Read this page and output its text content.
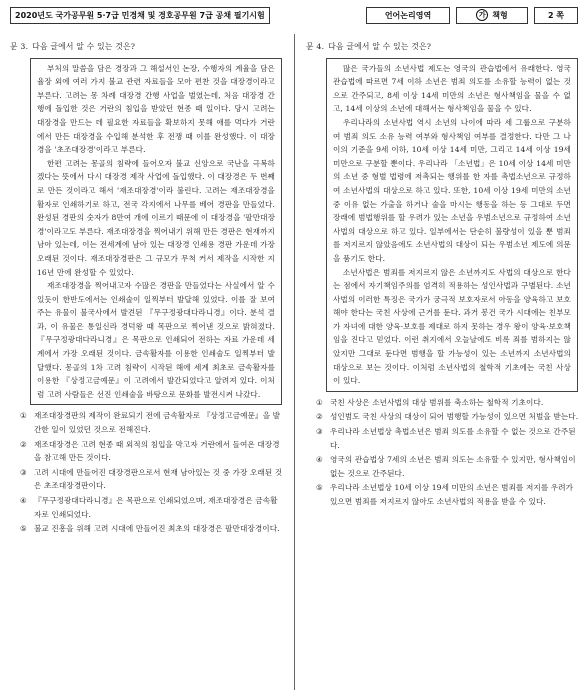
2020년도 국가공무원 5·7급 민경채 및 경호공무원 7급 공채 필기시험	언어논리영역	가 책형	2 쪽
문 3. 다음 글에서 알 수 있는 것은?

부처의 말씀을 담은 경장과 그 해설서인 논장, 수행자의 계율을 담은 율장 외에 여러 가지 불교 관련 자료들을 모아 편찬 것을 대장경이라고 부른다. 고려는 몽 차례 대장경 간행 사업을 벌였는데, 처음 대장경 간행에 돌입한 것은 거란의 침입을 받았던 현종 때 일이다. 당시 고려는 대장경을 만드는 데 필요한 자료들을 확보하지 못해 애를 먹다가 거란에서 만든 대장경을 수입해 분석한 후 전쟁 때 이를 완성했다. 이 대장경을 '초조대장경'이라고 부른다.

한편 고려는 몽골의 침략에 들어오자 불교 신앙으로 국난을 극복하겠다는 뜻에서 다시 대장경 제작 사업에 돌입했다. 이 대장경은 두 번째로 만든 것이라고 해서 '재조대장경'이라 불린다. 고려는 재조대장경을 활자로 인쇄하기로 하고, 전국 각지에서 나무를 베어 경판을 만들었다. 완성된 경판의 숫자가 8만여 개에 이르기 때문에 이 대장경을 '팔만대장경'이라고도 부른다. 재조대장경을 찍어내기 위해 만든 경판은 현재까지 남아 있는데, 이는 전세계에 남아 있는 대장경 인쇄용 경판 가운데 가장 오래된 것이다. 재조대장경판은 그 규모가 무척 커서 제작을 시작한 지 16년 만에 완성할 수 있었다.

재조대장경을 찍어내고자 수많은 경판을 만들었다는 사실에서 알 수 있듯이 한반도에서는 인쇄술이 일찍부터 발달해 있었다. 이를 잘 보여주는 유물이 불국사에서 발견된 『무구정광대다라니경』이다. 분석 결과, 이 유물은 통일신라 경덕왕 때 목판으로 찍어낸 것으로 밝혀졌다. 『무구정광대다라니경』은 목판으로 인쇄되어 전하는 자료 가운데 세계에서 가장 오래된 것이다. 금속활자를 이용한 인쇄술도 일찍부터 발달했다. 몽골의 1차 고려 침략이 시작된 해에 세계 최초로 금속활자를 이용한 『상정고금예문』이 고려에서 발간되었다고 알려져 있다. 이처럼 고려 사람들은 선진 인쇄술을 바탕으로 문화를 발전시켜 나갔다.

① 재조대장경판의 제작이 완료되기 전에 금속활자로 『상정고금예문』을 발간한 일이 있었던 것으로 전해진다.
② 재조대장경은 고려 현종 때 외적의 침입을 막고자 거란에서 들여온 대장경을 참고해 만든 것이다.
③ 고려 시대에 만들어진 대장경판으로서 현재 남아있는 것 중 가장 오래된 것은 초조대장경판이다.
④ 『무구정광대다라니경』은 목판으로 인쇄되었으며, 재조대장경은 금속활자로 인쇄되었다.
⑤ 불교 진흥을 위해 고려 시대에 만들어진 최초의 대장경은 팔만대장경이다.
문 4. 다음 글에서 알 수 있는 것은?

많은 국가들의 소년사법 제도는 영국의 관습법에서 유래한다. 영국 관습법에 따르면 7세 이하 소년은 범죄 의도를 소유할 능력이 없는 것으로 간주되고, 8세 이상 14세 미만의 소년은 형사책임을 물을 수 없고, 14세 이상의 소년에 대해서는 형사책임을 물을 수 있다.

우리나라의 소년사법 역시 소년의 나이에 따라 세 그룹으로 구분하여 범죄 의도 소유 능력 여부와 형사책임 여부를 결정한다. 다만 그 나이의 기준을 9세 이하, 10세 이상 14세 미만, 그리고 14세 이상 19세 미만으로 구분할 뿐이다. 우리나라 「소년법」은 10세 이상 14세 미만의 소년 중 형벌 법령에 저촉되는 행위를 한 자를 촉법소년으로 규정하여 소년사법의 대상으로 하고 있다. 또한, 10세 이상 19세 미만의 소년 중 이유 없는 가출을 하거나 술을 마시는 행동을 하는 등 그대로 두면 장래에 범법행위를 할 우려가 있는 소년을 우범소년으로 규정하여 소년사법의 대상으로 하고 있다. 일부에서는 단순히 불량성이 있을 뿐 범죄를 저지르지 않았음에도 소년사법의 대상이 되는 우범소년 제도에 의문을 품기도 한다.

소년사법은 범죄를 저지르지 않은 소년까지도 사법의 대상으로 한다는 점에서 자기책임주의를 엄격히 적용하는 성인사법과 구별된다. 소년사법의 이러한 특징은 국가가 궁극적 보호자로서 아동을 양육하고 보호해야 한다는 국친 사상에 근거를 둔다. 과거 봉건 국가 시대에는 친부모가 자녀에 대한 양육·보호를 제대로 하지 못하는 경우 왕이 양육·보호책임을 진다고 믿었다. 이런 취지에서 오늘날에도 비록 죄를 범하지는 않았지만 그대로 둔다면 범행을 할 가능성이 있는 소년까지 소년사법의 대상으로 보는 것이다. 이처럼 소년사법의 철학적 기초에는 국친 사상이 있다.

① 국친 사상은 소년사법의 대상 범위를 축소하는 철학적 기초이다.
② 성인범도 국친 사상의 대상이 되어 범행할 가능성이 있으면 처벌을 받는다.
③ 우리나라 소년법상 촉법소년은 범죄 의도를 소유할 수 없는 것으로 간주된다.
④ 영국의 관습법상 7세의 소년은 범죄 의도는 소유할 수 있지만, 형사책임이 없는 것으로 간주된다.
⑤ 우리나라 소년법상 10세 이상 19세 미만의 소년은 범죄를 저지를 우려가 있으면 범죄를 저지르지 않아도 소년사법의 적용을 받을 수 있다.
